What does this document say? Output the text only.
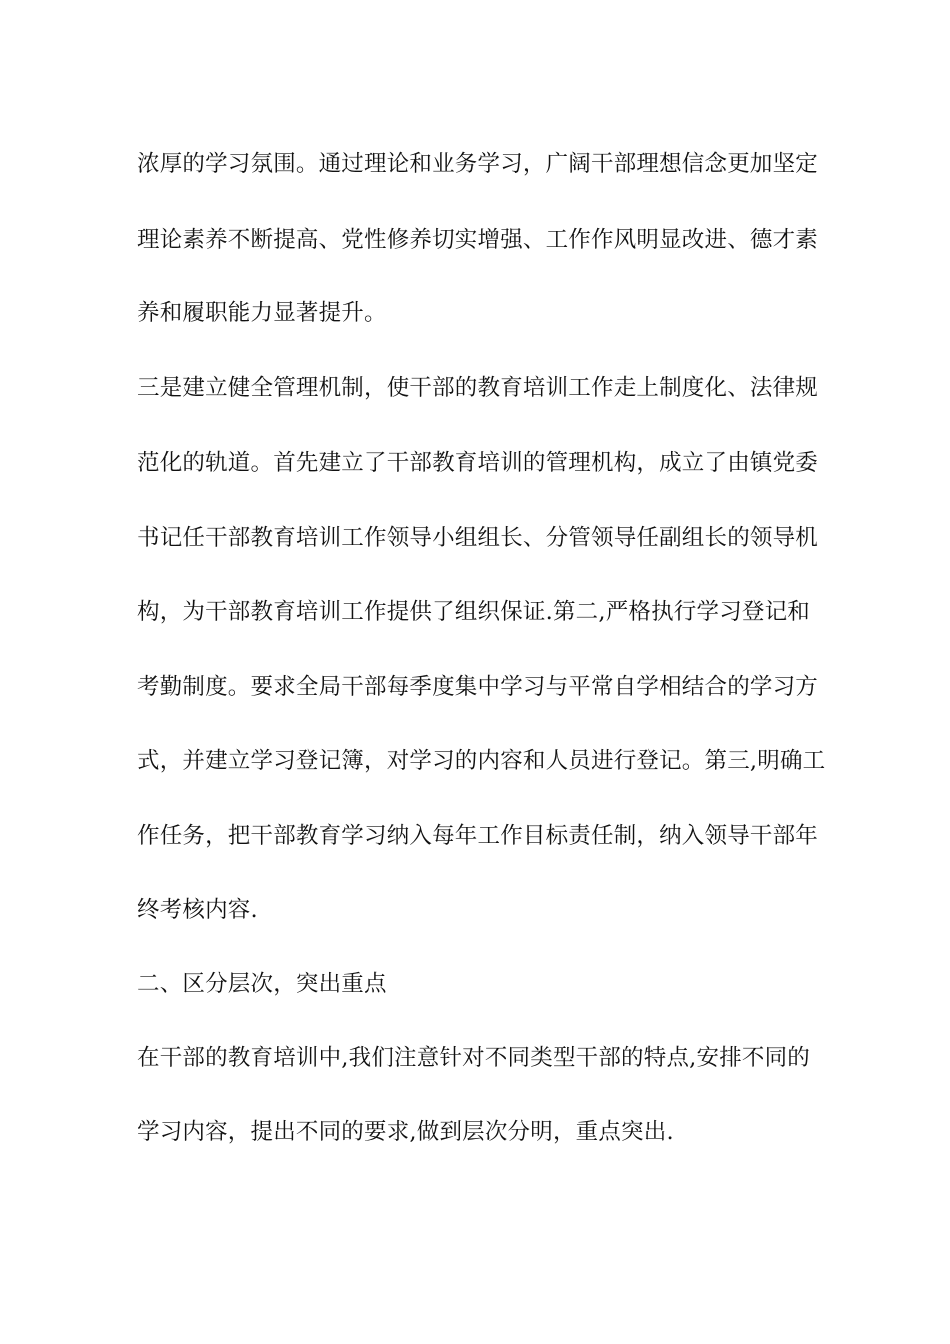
浓厚的学习氛围。通过理论和业务学习，广阔干部理想信念更加坚定
理论素养不断提高、党性修养切实增强、工作作风明显改进、德才素
养和履职能力显著提升。
三是建立健全管理机制，使干部的教育培训工作走上制度化、法律规
范化的轨道。首先建立了干部教育培训的管理机构，成立了由镇党委
书记任干部教育培训工作领导小组组长、分管领导任副组长的领导机
构，为干部教育培训工作提供了组织保证.第二,严格执行学习登记和
考勤制度。要求全局干部每季度集中学习与平常自学相结合的学习方
式，并建立学习登记簿，对学习的内容和人员进行登记。第三,明确工
作任务，把干部教育学习纳入每年工作目标责任制，纳入领导干部年
终考核内容.
二、区分层次，突出重点
在干部的教育培训中,我们注意针对不同类型干部的特点,安排不同的
学习内容，提出不同的要求,做到层次分明，重点突出.
